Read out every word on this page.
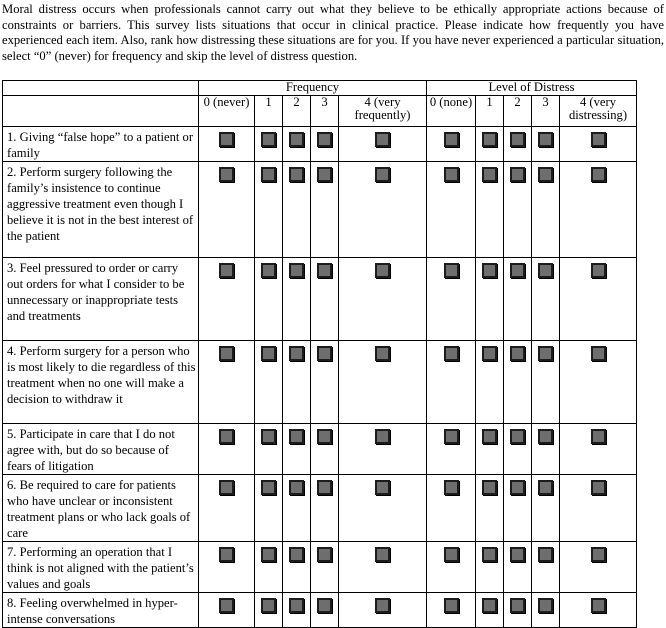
Moral distress occurs when professionals cannot carry out what they believe to be ethically appropriate actions because of constraints or barriers. This survey lists situations that occur in clinical practice. Please indicate how frequently you have experienced each item. Also, rank how distressing these situations are for you. If you have never experienced a particular situation, select “0” (never) for frequency and skip the level of distress question.

	Frequency					Level of Distress				
	0 (never)	1	2	3	4 (very frequently)	0 (none)	1	2	3	4 (very distressing)
1. Giving “false hope” to a patient or family										
2. Perform surgery following the family’s insistence to continue aggressive treatment even though I believe it is not in the best interest of the patient										
3. Feel pressured to order or carry out orders for what I consider to be unnecessary or inappropriate tests and treatments										
4. Perform surgery for a person who is most likely to die regardless of this treatment when no one will make a decision to withdraw it										
5. Participate in care that I do not agree with, but do so because of fears of litigation										
6. Be required to care for patients who have unclear or inconsistent treatment plans or who lack goals of care										
7. Performing an operation that I think is not aligned with the patient’s values and goals										
8. Feeling overwhelmed in hyper-intense conversations										
